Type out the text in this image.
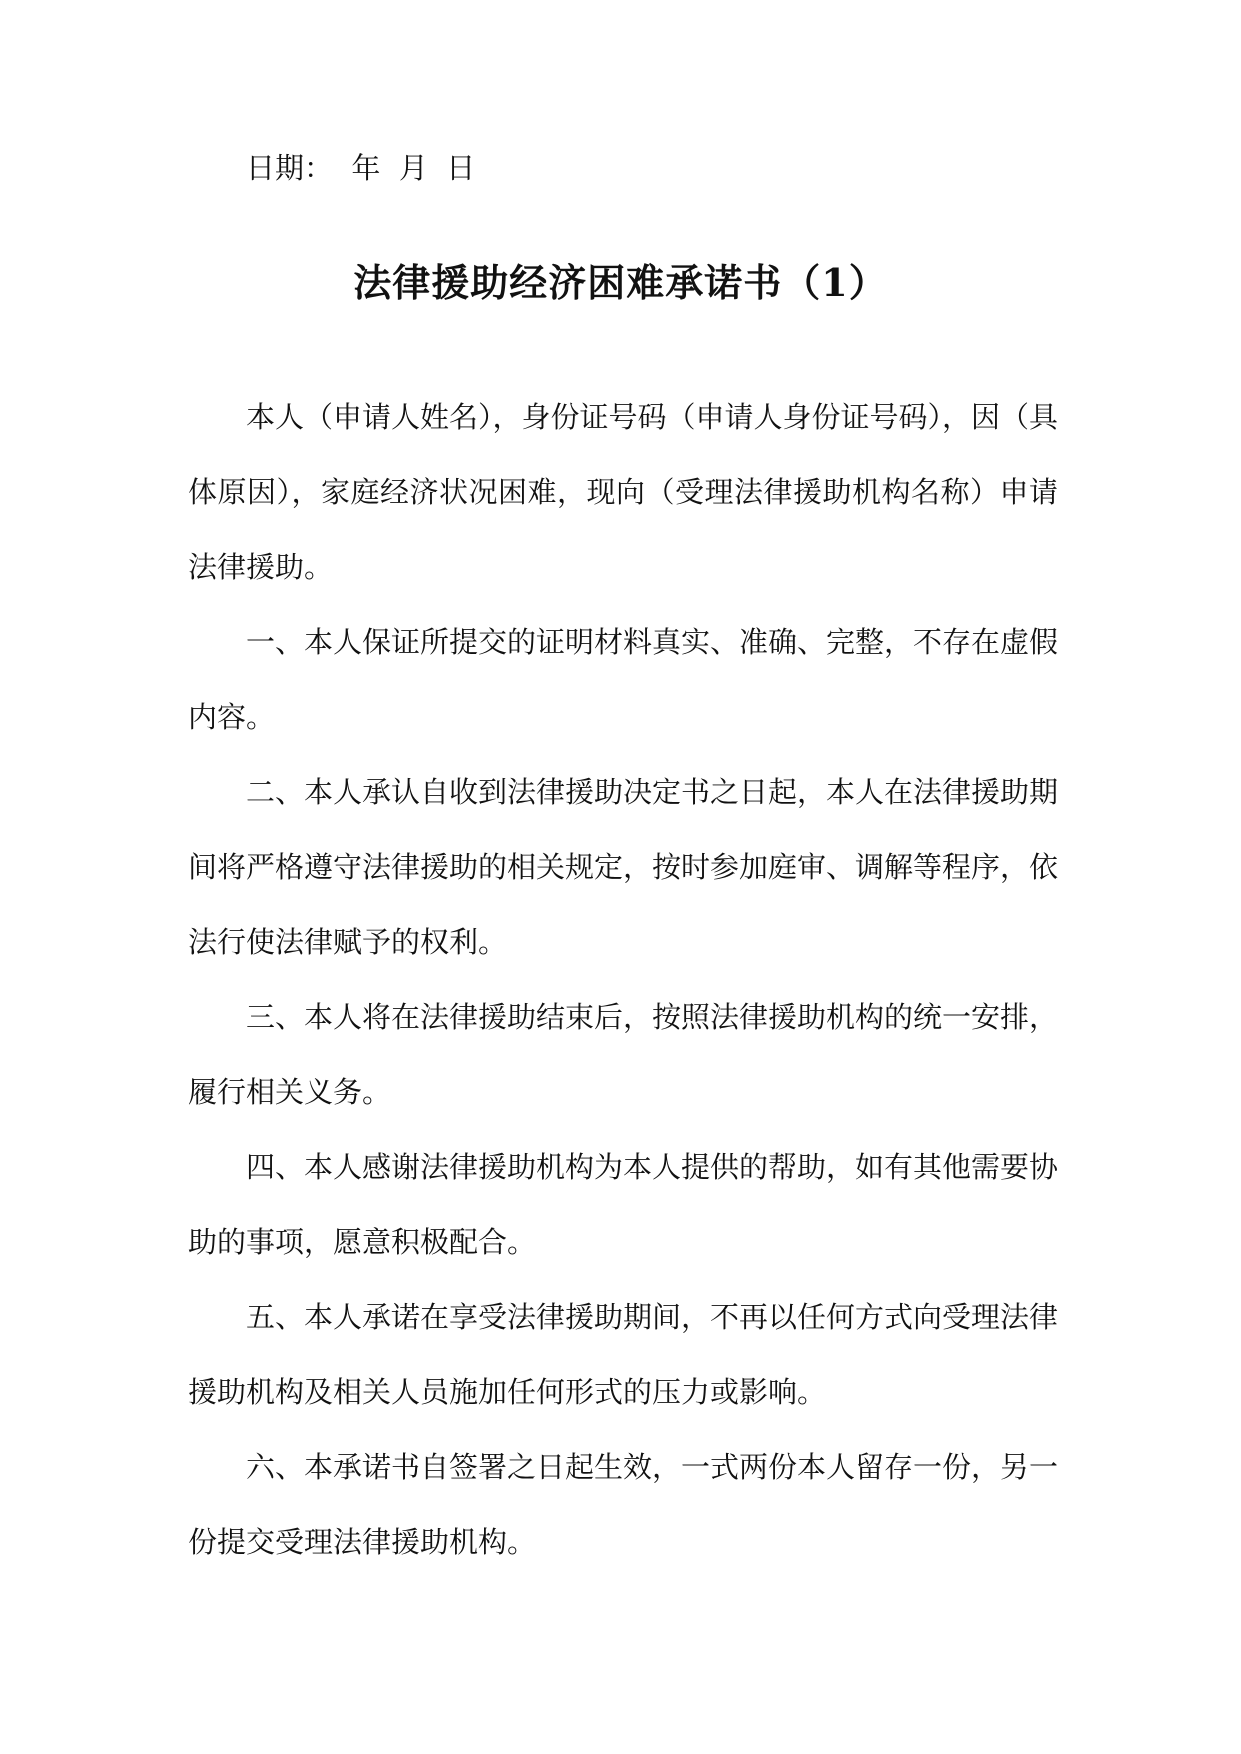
日期：  年  月  日
法律援助经济困难承诺书（1）

本人（申请人姓名），身份证号码（申请人身份证号码），因（具体原因），家庭经济状况困难，现向（受理法律援助机构名称）申请法律援助。

一、本人保证所提交的证明材料真实、准确、完整，不存在虚假内容。

二、本人承认自收到法律援助决定书之日起，本人在法律援助期间将严格遵守法律援助的相关规定，按时参加庭审、调解等程序，依法行使法律赋予的权利。

三、本人将在法律援助结束后，按照法律援助机构的统一安排，履行相关义务。

四、本人感谢法律援助机构为本人提供的帮助，如有其他需要协助的事项，愿意积极配合。

五、本人承诺在享受法律援助期间，不再以任何方式向受理法律援助机构及相关人员施加任何形式的压力或影响。

六、本承诺书自签署之日起生效，一式两份本人留存一份，另一份提交受理法律援助机构。
